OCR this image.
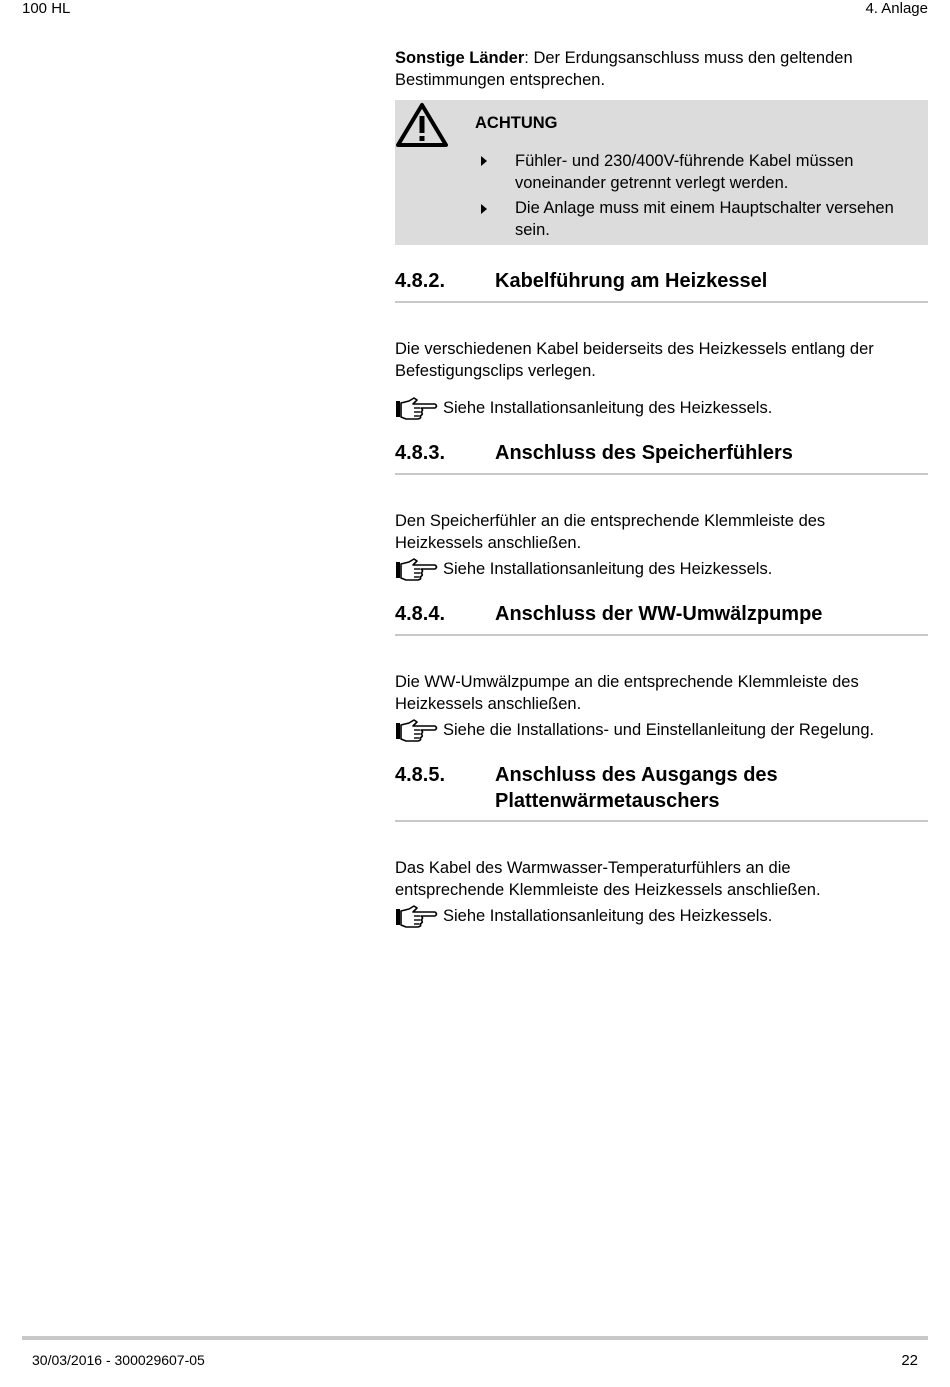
100 HL	4. Anlage
Sonstige Länder: Der Erdungsanschluss muss den geltenden
Bestimmungen entsprechen.
ACHTUNG
Fühler- und 230/400V-führende Kabel müssen
voneinander getrennt verlegt werden.
Die Anlage muss mit einem Hauptschalter versehen
sein.
4.8.2. Kabelführung am Heizkessel
Die verschiedenen Kabel beiderseits des Heizkessels entlang der
Befestigungsclips verlegen.
Siehe Installationsanleitung des Heizkessels.
4.8.3. Anschluss des Speicherfühlers
Den Speicherfühler an die entsprechende Klemmleiste des
Heizkessels anschließen.
Siehe Installationsanleitung des Heizkessels.
4.8.4. Anschluss der WW-Umwälzpumpe
Die WW-Umwälzpumpe an die entsprechende Klemmleiste des
Heizkessels anschließen.
Siehe die Installations- und Einstellanleitung der Regelung.
4.8.5. Anschluss des Ausgangs des
Plattenwärmetauschers
Das Kabel des Warmwasser-Temperaturfühlers an die
entsprechende Klemmleiste des Heizkessels anschließen.
Siehe Installationsanleitung des Heizkessels.
30/03/2016 - 300029607-05	22
